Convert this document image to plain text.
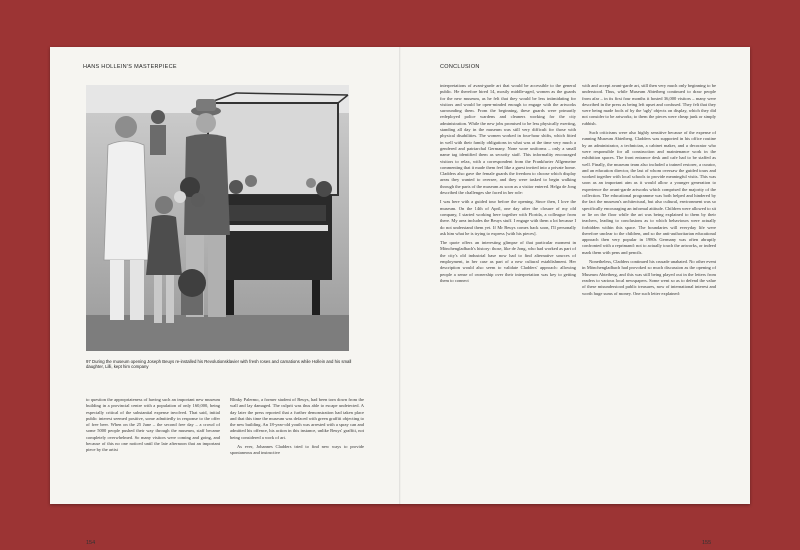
HANS HOLLEIN'S MASTERPIECE
97 During the museum opening Joseph Beuys re-installed his Revolutionsklavier with fresh roses and carnations while Hollein and his small daughter, Lilli, kept him company

to question the appropriateness of having such an important new museum building in a provincial centre with a population of only 160,000, being especially critical of the substantial expense involved. That said, initial public interest seemed positive, some admittedly in response to the offer of free beer. When on the 25 June – the second free day – a crowd of some 5000 people pushed their way through the museum, staff became completely overwhelmed. So many visitors were coming and going, and because of this no one noticed until the late afternoon that an important piece by the artist

Blinky Palermo, a former student of Beuys, had been torn down from the wall and lay damaged. The culprit was thus able to escape undetected. A day later the press reported that a further demonstration had taken place and that this time the museum was defaced with green graffiti objecting to the new building. An 18-year-old youth was arrested with a spray can and admitted his offence, his action in this instance, unlike Beuys' graffiti, not being considered a work of art.

As ever, Johannes Cladders tried to find new ways to provide spontaneous and instructive

154
CONCLUSION

interpretations of avant-garde art that would be accessible to the general public. He therefore hired 14, mostly middle-aged, women as the guards for the new museum, as he felt that they would be less intimidating for visitors and would be open-minded enough to engage with the artworks surrounding them. From the beginning, these guards were primarily redeployed police wardens and cleaners working for the city administration. While the new jobs promised to be less physically exerting, standing all day in the museum was still very difficult for those with physical disabilities. The women worked in four-hour shifts, which fitted in well with their family obligations in what was at the time very much a gendered and patriarchal Germany. None wore uniforms – only a small name tag identified them as security staff. This informality encouraged visitors to relax, with a correspondent from the Frankfurter Allgemeine commenting that it made them feel like a guest invited into a private home. Cladders also gave the female guards the freedom to choose which display areas they wanted to oversee, and they were tasked to begin walking through the parts of the museum as soon as a visitor entered. Helga de Jong described the challenges she faced in her role:

I was here with a guided tour before the opening. Since then, I love the museum. On the 14th of April, one day after the closure of my old company, I started working here together with Florida, a colleague from there. My area includes the Beuys stuff. I engage with them a lot because I do not understand them yet. If Mr Beuys comes back soon, I'll personally ask him what he is trying to express [with his pieces].

The quote offers an interesting glimpse of that particular moment in Mönchengladbach's history: those, like de Jong, who had worked as part of the city's old industrial base now had to find alternative sources of employment, in her case as part of a new cultural establishment. Her description would also seem to validate Cladders' approach: allowing people a sense of ownership over their interpretation was key to getting them to connect

with and accept avant-garde art, still then very much only beginning to be understood. Thus, while Museum Abteiberg continued to draw people from afar – in its first four months it hosted 36,000 visitors – many were described in the press as being left upset and confused. They felt that they were being made fools of by the 'ugly' objects on display, which they did not consider to be artworks; to them the pieces were cheap junk or simply rubbish.

Such criticisms were also highly sensitive because of the expense of running Museum Abteiberg. Cladders was supported in his office routine by an administrator, a technician, a cabinet maker, and a decorator who were responsible for all construction and maintenance work in the exhibition spaces. The front entrance desk and cafe had to be staffed as well. Finally, the museum team also included a trained restorer, a curator, and an education director, the last of whom oversaw the guided tours and worked together with local schools to provide meaningful visits. This was soon as an important aim as it would allow a younger generation to experience the avant-garde artworks which comprised the majority of the collection. The educational programme was both helped and hindered by the fact the museum's architectural, but also cultural, environment was so specifically encouraging an informal attitude. Children were allowed to sit or lie on the floor while the art was being explained to them by their teachers, leading to conclusions as to which behaviours were actually forbidden within this space. The boundaries will everyday life were therefore unclear to the children, and so the anti-authoritarian educational approach then very popular in 1980s Germany was often abruptly confronted with a reprimand: not to actually touch the artworks, or indeed mark them with pens and pencils.

Nonetheless, Cladders continued his crusade unabated. No other event in Mönchengladbach had provoked so much discussion as the opening of Museum Abteiberg, and this was still being played out in the letters from readers to various local newspapers. Some went so as to defend the value of these misunderstood public treasures, now of international interest and worth huge sums of money. One such letter explained:

155
